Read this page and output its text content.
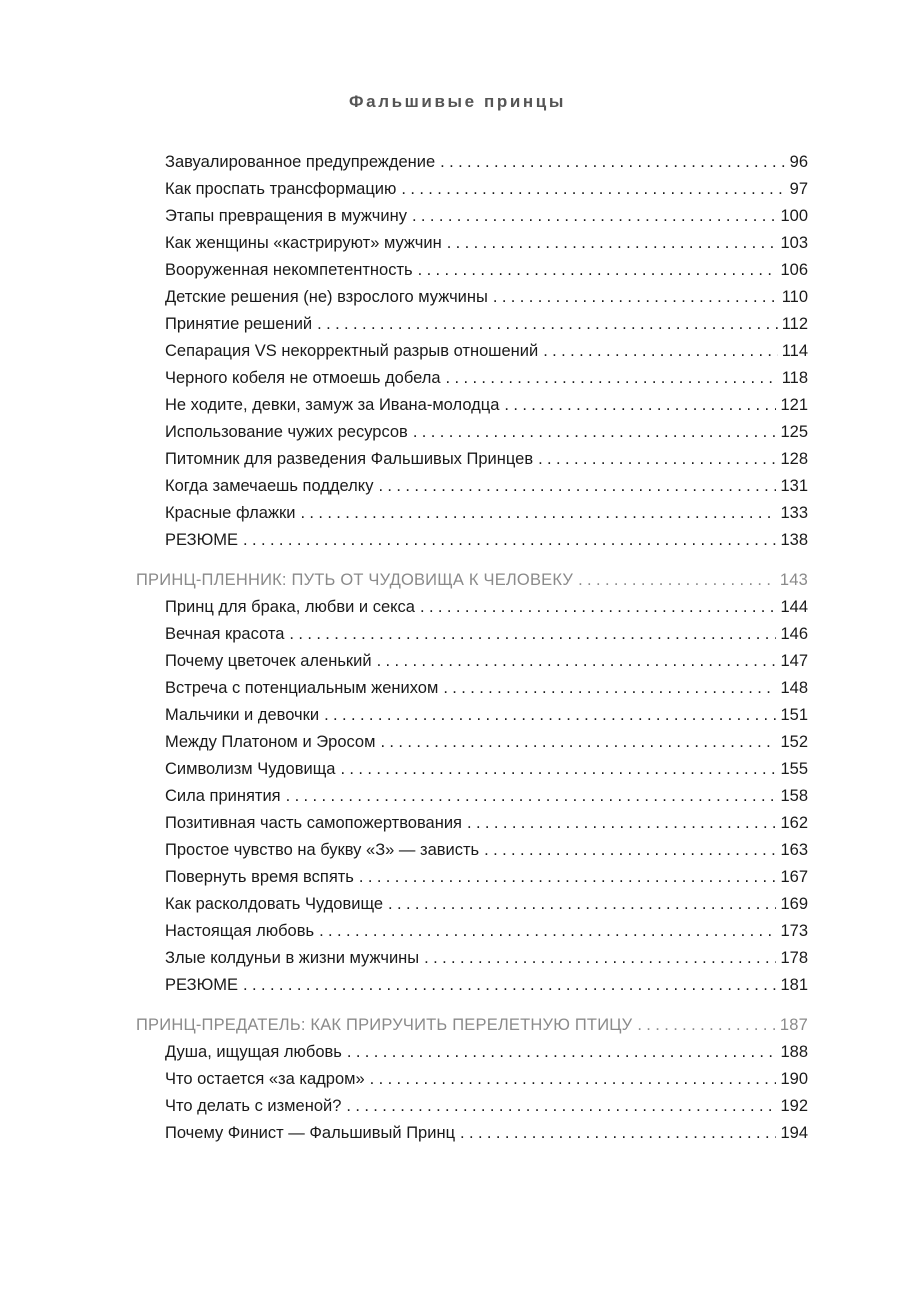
Фальшивые принцы
Завуалированное предупреждение . . .	96
Как проспать трансформацию . . .	97
Этапы превращения в мужчину . . .	100
Как женщины «кастрируют» мужчин . . .	103
Вооруженная некомпетентность . . .	106
Детские решения (не) взрослого мужчины . . .	110
Принятие решений . . .	112
Сепарация VS некорректный разрыв отношений . . .	114
Черного кобеля не отмоешь добела . . .	118
Не ходите, девки, замуж за Ивана-молодца . . .	121
Использование чужих ресурсов . . .	125
Питомник для разведения Фальшивых Принцев . . .	128
Когда замечаешь подделку . . .	131
Красные флажки . . .	133
РЕЗЮМЕ . . .	138
ПРИНЦ-ПЛЕННИК: ПУТЬ ОТ ЧУДОВИЩА К ЧЕЛОВЕКУ . . .	143
Принц для брака, любви и секса . . .	144
Вечная красота . . .	146
Почему цветочек аленький . . .	147
Встреча с потенциальным женихом . . .	148
Мальчики и девочки . . .	151
Между Платоном и Эросом . . .	152
Символизм Чудовища . . .	155
Сила принятия . . .	158
Позитивная часть самопожертвования . . .	162
Простое чувство на букву «З» — зависть . . .	163
Повернуть время вспять . . .	167
Как расколдовать Чудовище . . .	169
Настоящая любовь . . .	173
Злые колдуньи в жизни мужчины . . .	178
РЕЗЮМЕ . . .	181
ПРИНЦ-ПРЕДАТЕЛЬ: КАК ПРИРУЧИТЬ ПЕРЕЛЕТНУЮ ПТИЦУ . . .	187
Душа, ищущая любовь . . .	188
Что остается «за кадром» . . .	190
Что делать с изменой? . . .	192
Почему Финист — Фальшивый Принц . . .	194
